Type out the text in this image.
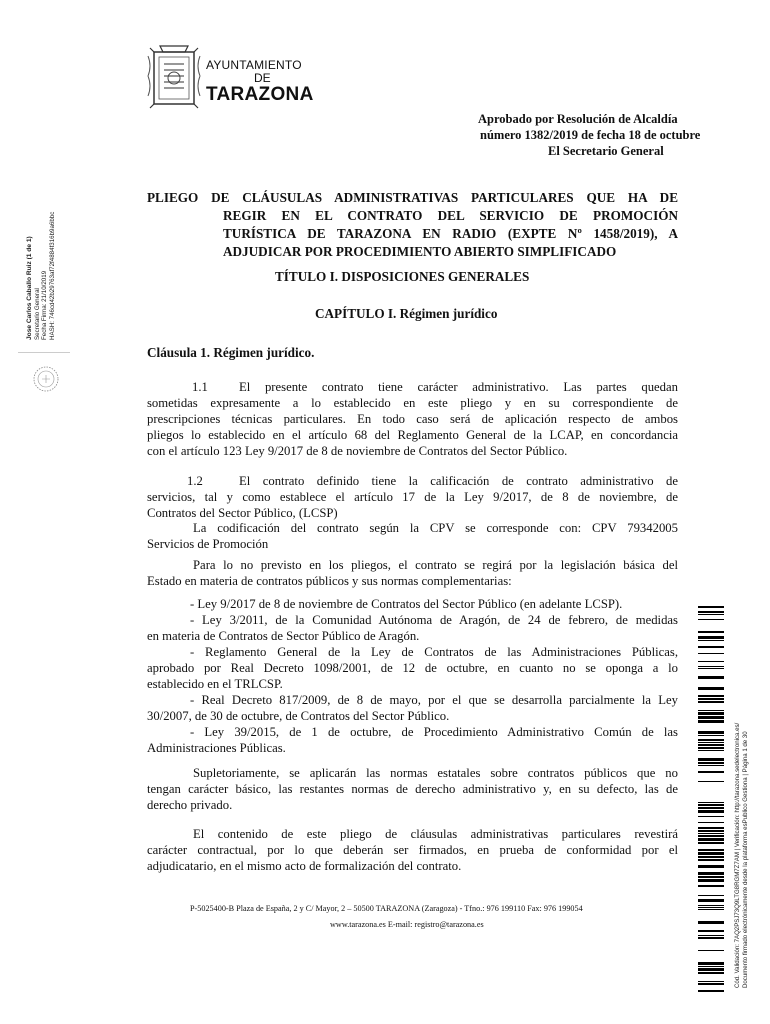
AYUNTAMIENTO
DE
TARAZONA
Aprobado por Resolución de Alcaldía
número 1382/2019 de fecha 18 de octubre
El Secretario General
PLIEGO DE CLÁUSULAS ADMINISTRATIVAS PARTICULARES QUE HA DE
REGIR EN EL CONTRATO DEL SERVICIO DE PROMOCIÓN
TURÍSTICA DE TARAZONA EN RADIO (EXPTE Nº 1458/2019), A
ADJUDICAR POR PROCEDIMIENTO ABIERTO SIMPLIFICADO
TÍTULO I. DISPOSICIONES GENERALES
CAPÍTULO I. Régimen jurídico
Cláusula 1. Régimen jurídico.
1.1 El presente contrato tiene carácter administrativo. Las partes quedan
sometidas expresamente a lo establecido en este pliego y en su correspondiente de
prescripciones técnicas particulares. En todo caso será de aplicación respecto de ambos
pliegos lo establecido en el artículo 68 del Reglamento General de la LCAP, en concordancia
con el artículo 123 Ley 9/2017 de 8 de noviembre de Contratos del Sector Público.
1.2	El contrato definido tiene la calificación de contrato administrativo de
servicios, tal y como establece el artículo 17 de la Ley 9/2017, de 8 de noviembre, de
Contratos del Sector Público, (LCSP)
La codificación del contrato según la CPV se corresponde con: CPV 79342005
Servicios de Promoción
Para lo no previsto en los pliegos, el contrato se regirá por la legislación básica del
Estado en materia de contratos públicos y sus normas complementarias:
- Ley 9/2017 de 8 de noviembre de Contratos del Sector Público (en adelante LCSP).
- Ley 3/2011, de la Comunidad Autónoma de Aragón, de 24 de febrero, de medidas
en materia de Contratos de Sector Público de Aragón.
- Reglamento General de la Ley de Contratos de las Administraciones Públicas,
aprobado por Real Decreto 1098/2001, de 12 de octubre, en cuanto no se oponga a lo
establecido en el TRLCSP.
- Real Decreto 817/2009, de 8 de mayo, por el que se desarrolla parcialmente la Ley
30/2007, de 30 de octubre, de Contratos del Sector Público.
- Ley 39/2015, de 1 de octubre, de Procedimiento Administrativo Común de las
Administraciones Públicas.
Supletoriamente, se aplicarán las normas estatales sobre contratos públicos que no
tengan carácter básico, las restantes normas de derecho administrativo y, en su defecto, las de
derecho privado.
El contenido de este pliego de cláusulas administrativas particulares revestirá
carácter contractual, por lo que deberán ser firmados, en prueba de conformidad por el
adjudicatario, en el mismo acto de formalización del contrato.
P-5025400-B Plaza de España, 2 y C/ Mayor, 2 – 50500 TARAZONA (Zaragoza) - Tfno.: 976 199110 Fax: 976 199054
www.tarazona.es E-mail: registro@tarazona.es
Jose Carlos Caballo Ruiz (1 de 1) Secretario General Fecha Firma: 21/10/2019 HASH: 746cd42b29763af72f4884f316b9a6bbc
Cód. Validación: 7AQ2PSJ73Q9LTG8RGM7Z7AM | Verificación: http://tarazona.sedelectronica.es/ Documento firmado electrónicamente desde la plataforma esPublico Gestiona | Página 1 de 30
